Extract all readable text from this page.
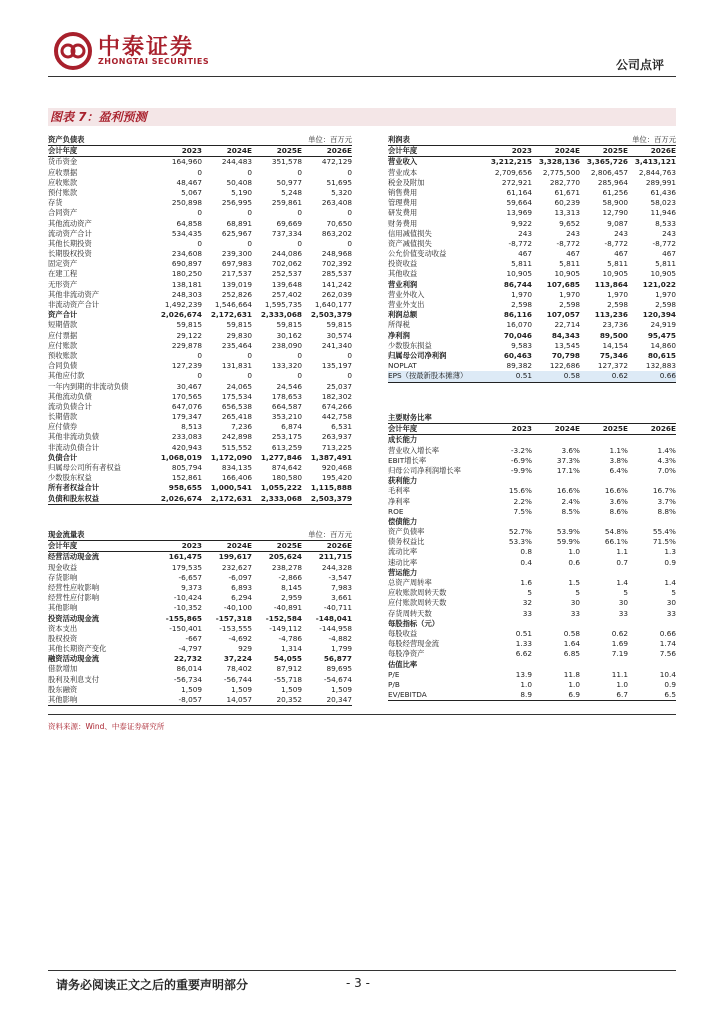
中泰证券
ZHONGTAI SECURITIES	公司点评
图表 7：盈利预测
资产负债表	单位：百万元
会计年度	2023	2024E	2025E	2026E
货币资金	164,960	244,483	351,578	472,129
应收票据	0	0	0	0
应收账款	48,467	50,408	50,977	51,695
预付账款	5,067	5,190	5,248	5,320
存货	250,898	256,995	259,861	263,408
合同资产	0	0	0	0
其他流动资产	64,858	68,891	69,669	70,650
流动资产合计	534,435	625,967	737,334	863,202
其他长期投资	0	0	0	0
长期股权投资	234,608	239,300	244,086	248,968
固定资产	690,897	697,983	702,062	702,392
在建工程	180,250	217,537	252,537	285,537
无形资产	138,181	139,019	139,648	141,242
其他非流动资产	248,303	252,826	257,402	262,039
非流动资产合计	1,492,239	1,546,664	1,595,735	1,640,177
资产合计	2,026,674	2,172,631	2,333,068	2,503,379
短期借款	59,815	59,815	59,815	59,815
应付票据	29,122	29,830	30,162	30,574
应付账款	229,878	235,464	238,090	241,340
预收账款	0	0	0	0
合同负债	127,239	131,831	133,320	135,197
其他应付款	0	0	0	0
一年内到期的非流动负债	30,467	24,065	24,546	25,037
其他流动负债	170,565	175,534	178,653	182,302
流动负债合计	647,076	656,538	664,587	674,266
长期借款	179,347	265,418	353,210	442,758
应付债券	8,513	7,236	6,874	6,531
其他非流动负债	233,083	242,898	253,175	263,937
非流动负债合计	420,943	515,552	613,259	713,225
负债合计	1,068,019	1,172,090	1,277,846	1,387,491
归属母公司所有者权益	805,794	834,135	874,642	920,468
少数股东权益	152,861	166,406	180,580	195,420
所有者权益合计	958,655	1,000,541	1,055,222	1,115,888
负债和股东权益	2,026,674	2,172,631	2,333,068	2,503,379
利润表	单位：百万元
会计年度	2023	2024E	2025E	2026E
营业收入	3,212,215 3,328,136 3,365,726 3,413,121
营业成本	2,709,656	2,775,500	2,806,457	2,844,763
税金及附加	272,921	282,770	285,964	289,991
销售费用	61,164	61,671	61,256	61,436
管理费用	59,664	60,239	58,900	58,023
研发费用	13,969	13,313	12,790	11,946
财务费用	9,922	9,652	9,087	8,533
信用减值损失	243	243	243	243
资产减值损失	-8,772	-8,772	-8,772	-8,772
公允价值变动收益	467	467	467	467
投资收益	5,811	5,811	5,811	5,811
其他收益	10,905	10,905	10,905	10,905
营业利润	86,744	107,685	113,864	121,022
营业外收入	1,970	1,970	1,970	1,970
营业外支出	2,598	2,598	2,598	2,598
利润总额	86,116	107,057	113,236	120,394
所得税	16,070	22,714	23,736	24,919
净利润	70,046	84,343	89,500	95,475
少数股东损益	9,583	13,545	14,154	14,860
归属母公司净利润	60,463	70,798	75,346	80,615
NOPLAT	89,382	122,686	127,372	132,883
EPS（按最新股本摊薄）	0.51	0.58	0.62	0.66
现金流量表	单位：百万元
会计年度	2023	2024E	2025E	2026E
经营活动现金流	161,475	199,617	205,624	211,715
现金收益	179,535	232,627	238,278	244,328
存货影响	-6,657	-6,097	-2,866	-3,547
经营性应收影响	9,373	6,893	8,145	7,983
经营性应付影响	-10,424	6,294	2,959	3,661
其他影响	-10,352	-40,100	-40,891	-40,711
投资活动现金流	-155,865	-157,318	-152,584	-148,041
资本支出	-150,401	-153,555	-149,112	-144,958
股权投资	-667	-4,692	-4,786	-4,882
其他长期资产变化	-4,797	929	1,314	1,799
融资活动现金流	22,732	37,224	54,055	56,877
借款增加	86,014	78,402	87,912	89,695
股利及利息支付	-56,734	-56,744	-55,718	-54,674
股东融资	1,509	1,509	1,509	1,509
其他影响	-8,057	14,057	20,352	20,347
主要财务比率
会计年度	2023	2024E	2025E	2026E
成长能力
营业收入增长率	-3.2%	3.6%	1.1%	1.4%
EBIT增长率	-6.9%	37.3%	3.8%	4.3%
归母公司净利润增长率	-9.9%	17.1%	6.4%	7.0%
获利能力
毛利率	15.6%	16.6%	16.6%	16.7%
净利率	2.2%	2.4%	3.6%	3.7%
ROE	7.5%	8.5%	8.6%	8.8%
偿债能力
资产负债率	52.7%	53.9%	54.8%	55.4%
债务权益比	53.3%	59.9%	66.1%	71.5%
流动比率	0.8	1.0	1.1	1.3
速动比率	0.4	0.6	0.7	0.9
营运能力
总资产周转率	1.6	1.5	1.4	1.4
应收账款周转天数	5	5	5	5
应付账款周转天数	32	30	30	30
存货周转天数	33	33	33	33
每股指标（元）
每股收益	0.51	0.58	0.62	0.66
每股经营现金流	1.33	1.64	1.69	1.74
每股净资产	6.62	6.85	7.19	7.56
估值比率
P/E	13.9	11.8	11.1	10.4
P/B	1.0	1.0	1.0	0.9
EV/EBITDA	8.9	6.9	6.7	6.5
资料来源：Wind、中泰证券研究所
请务必阅读正文之后的重要声明部分	- 3 -
